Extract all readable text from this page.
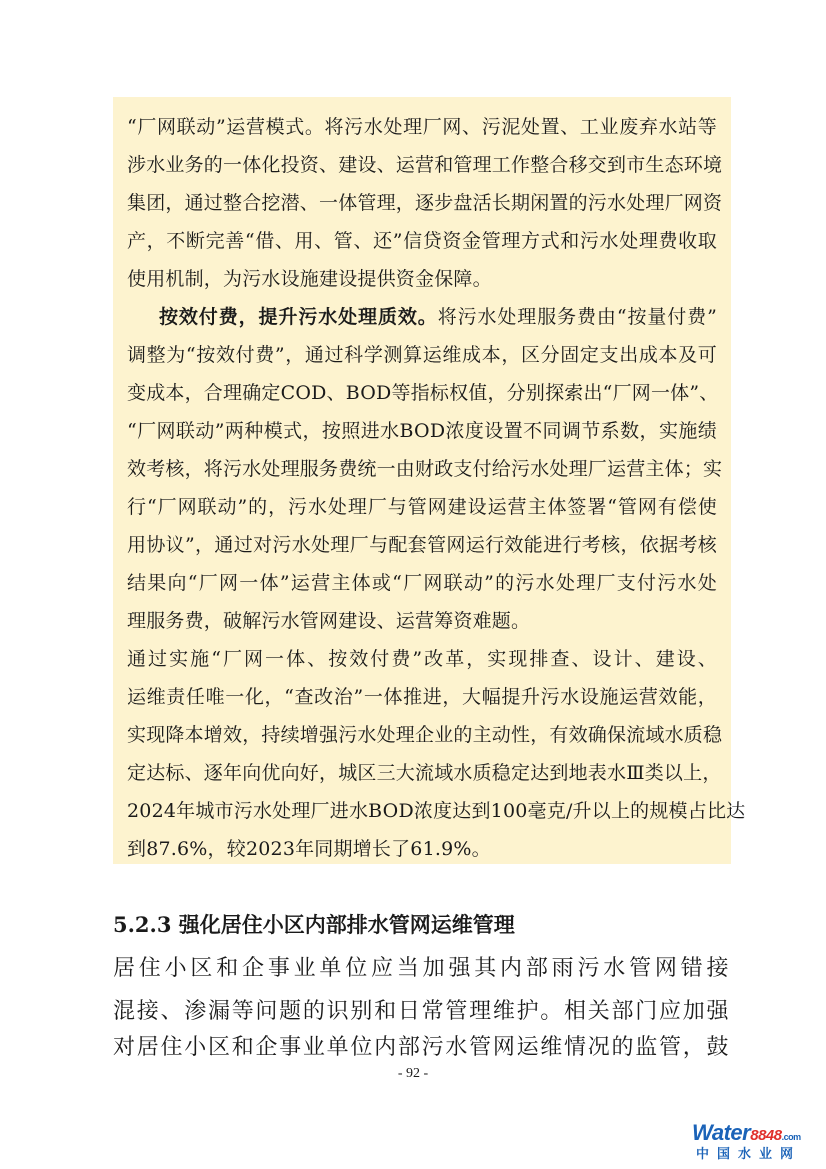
“厂网联动”运营模式。将污水处理厂网、污泥处置、工业废弃水站等
涉水业务的一体化投资、建设、运营和管理工作整合移交到市生态环境
集团，通过整合挖潜、一体管理，逐步盘活长期闲置的污水处理厂网资
产，不断完善“借、用、管、还”信贷资金管理方式和污水处理费收取
使用机制，为污水设施建设提供资金保障。
按效付费，提升污水处理质效。将污水处理服务费由“按量付费”
调整为“按效付费”，通过科学测算运维成本，区分固定支出成本及可
变成本，合理确定COD、BOD等指标权值，分别探索出“厂网一体”、
“厂网联动”两种模式，按照进水BOD浓度设置不同调节系数，实施绩
效考核，将污水处理服务费统一由财政支付给污水处理厂运营主体；实
行“厂网联动”的，污水处理厂与管网建设运营主体签署“管网有偿使
用协议”，通过对污水处理厂与配套管网运行效能进行考核，依据考核
结果向“厂网一体”运营主体或“厂网联动”的污水处理厂支付污水处
理服务费，破解污水管网建设、运营筹资难题。
通过实施“厂网一体、按效付费”改革，实现排查、设计、建设、
运维责任唯一化，“查改治”一体推进，大幅提升污水设施运营效能，
实现降本增效，持续增强污水处理企业的主动性，有效确保流域水质稳
定达标、逐年向优向好，城区三大流域水质稳定达到地表水Ⅲ类以上，
2024年城市污水处理厂进水BOD浓度达到100毫克/升以上的规模占比达
到87.6%，较2023年同期增长了61.9%。
5.2.3 强化居住小区内部排水管网运维管理
居住小区和企事业单位应当加强其内部雨污水管网错接
混接、渗漏等问题的识别和日常管理维护。相关部门应加强
对居住小区和企事业单位内部污水管网运维情况的监管，鼓
- 92 -
Water8848.com
中国水业网
